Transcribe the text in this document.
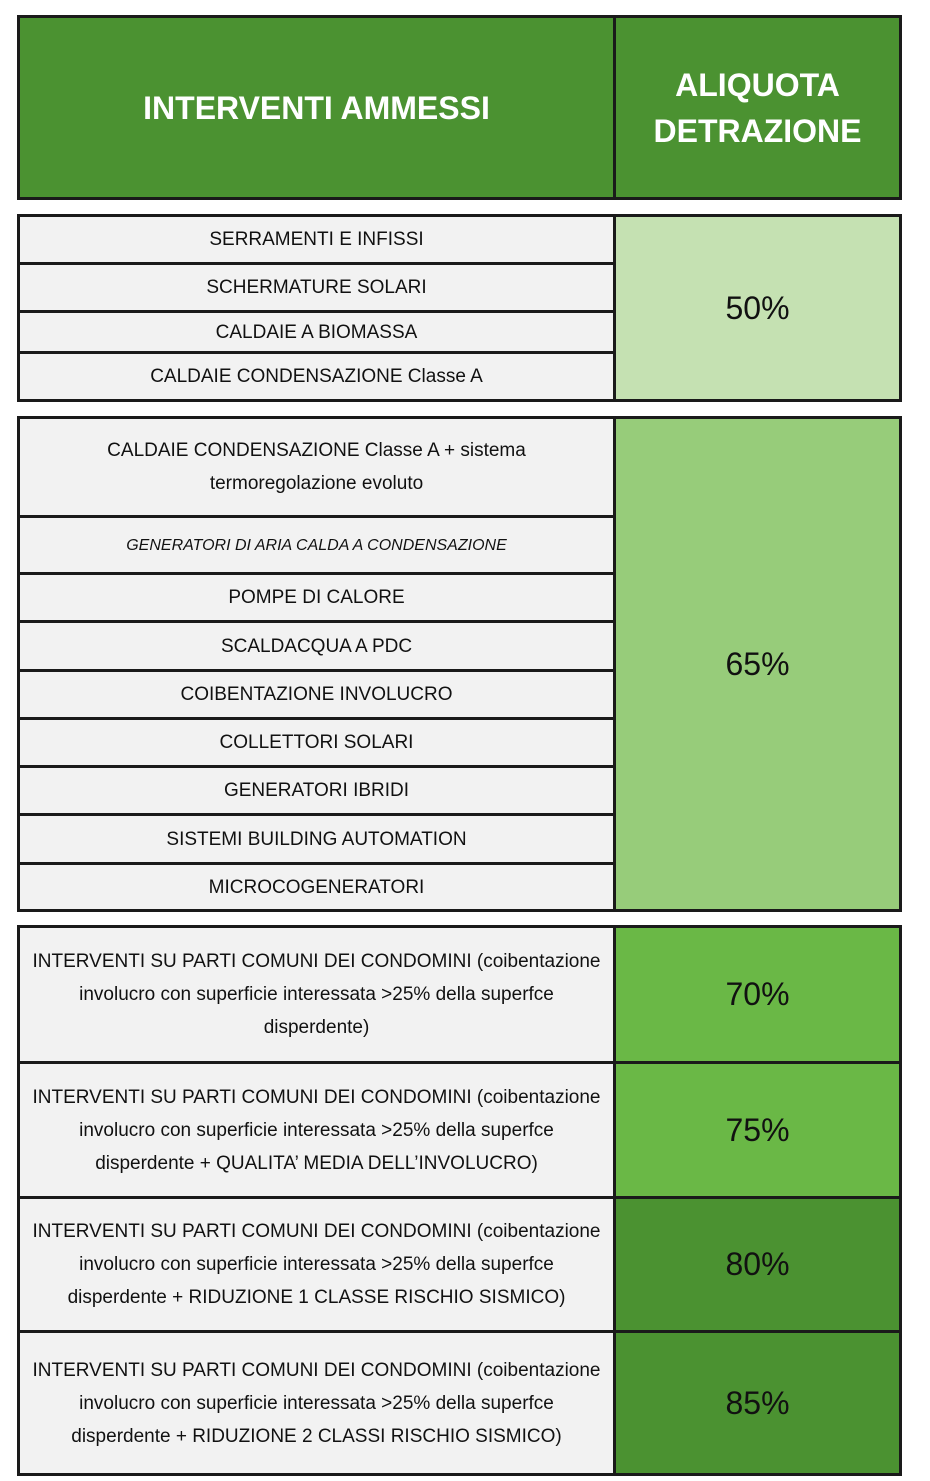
INTERVENTI AMMESSI
ALIQUOTA
DETRAZIONE
SERRAMENTI E INFISSI
SCHERMATURE SOLARI
CALDAIE A BIOMASSA
CALDAIE CONDENSAZIONE Classe A
50%
CALDAIE CONDENSAZIONE Classe A + sistema termoregolazione evoluto
GENERATORI DI ARIA CALDA A CONDENSAZIONE
POMPE DI CALORE
SCALDACQUA A PDC
COIBENTAZIONE INVOLUCRO
COLLETTORI SOLARI
GENERATORI IBRIDI
SISTEMI BUILDING AUTOMATION
MICROCOGENERATORI
65%
INTERVENTI SU PARTI COMUNI DEI CONDOMINI (coibentazione involucro con superficie interessata >25% della superfce disperdente)
INTERVENTI SU PARTI COMUNI DEI CONDOMINI (coibentazione involucro con superficie interessata >25% della superfce disperdente + QUALITA’ MEDIA DELL’INVOLUCRO)
INTERVENTI SU PARTI COMUNI DEI CONDOMINI (coibentazione involucro con superficie interessata >25% della superfce disperdente + RIDUZIONE 1 CLASSE RISCHIO SISMICO)
INTERVENTI SU PARTI COMUNI DEI CONDOMINI (coibentazione involucro con superficie interessata >25% della superfce disperdente + RIDUZIONE 2 CLASSI RISCHIO SISMICO)
70%
75%
80%
85%
